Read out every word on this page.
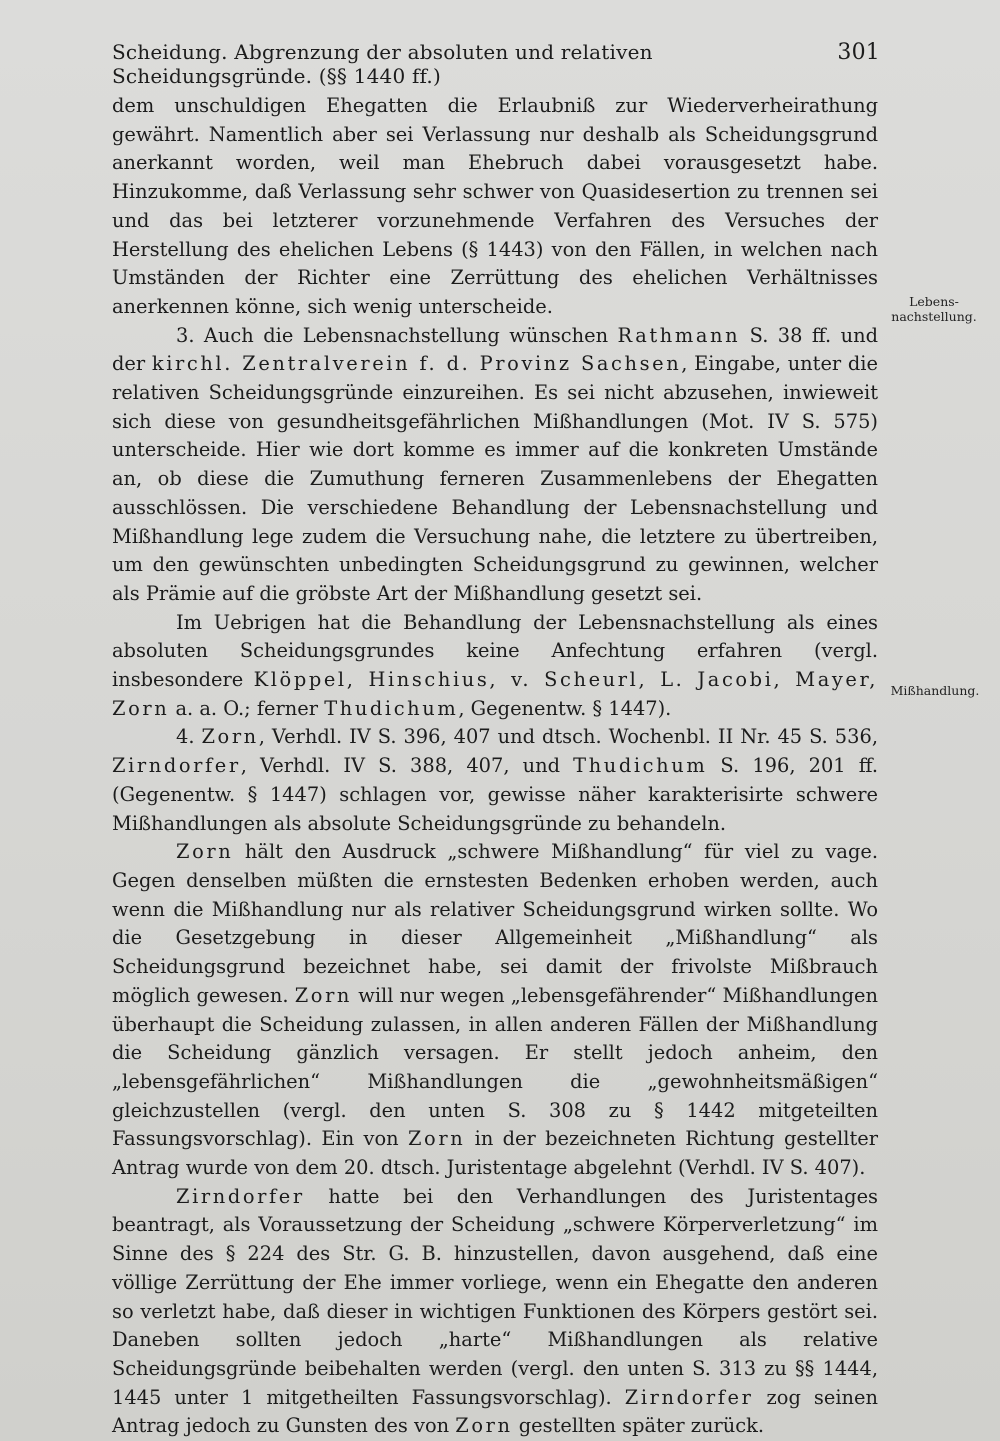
Scheidung. Abgrenzung der absoluten und relativen Scheidungsgründe. (§§ 1440 ff.)
301
Lebens-
nachstellung.
Mißhandlung.

dem unschuldigen Ehegatten die Erlaubniß zur Wiederverheirathung gewährt. Namentlich aber sei Verlassung nur deshalb als Scheidungsgrund anerkannt worden, weil man Ehebruch dabei vorausgesetzt habe. Hinzukomme, daß Verlassung sehr schwer von Quasidesertion zu trennen sei und das bei letzterer vorzunehmende Verfahren des Versuches der Herstellung des ehelichen Lebens (§ 1443) von den Fällen, in welchen nach Umständen der Richter eine Zerrüttung des ehelichen Verhältnisses anerkennen könne, sich wenig unterscheide.

3. Auch die Lebensnachstellung wünschen Rathmann S. 38 ff. und der kirchl. Zentralverein f. d. Provinz Sachsen, Eingabe, unter die relativen Scheidungsgründe einzureihen. Es sei nicht abzusehen, inwieweit sich diese von gesundheitsgefährlichen Mißhandlungen (Mot. IV S. 575) unterscheide. Hier wie dort komme es immer auf die konkreten Umstände an, ob diese die Zumuthung ferneren Zusammenlebens der Ehegatten ausschlössen. Die verschiedene Behandlung der Lebensnachstellung und Mißhandlung lege zudem die Versuchung nahe, die letztere zu übertreiben, um den gewünschten unbedingten Scheidungsgrund zu gewinnen, welcher als Prämie auf die gröbste Art der Mißhandlung gesetzt sei.

Im Uebrigen hat die Behandlung der Lebensnachstellung als eines absoluten Scheidungsgrundes keine Anfechtung erfahren (vergl. insbesondere Klöppel, Hinschius, v. Scheurl, L. Jacobi, Mayer, Zorn a. a. O.; ferner Thudichum, Gegenentw. § 1447).

4. Zorn, Verhdl. IV S. 396, 407 und dtsch. Wochenbl. II Nr. 45 S. 536, Zirndorfer, Verhdl. IV S. 388, 407, und Thudichum S. 196, 201 ff. (Gegenentw. § 1447) schlagen vor, gewisse näher karakterisirte schwere Mißhandlungen als absolute Scheidungsgründe zu behandeln.

Zorn hält den Ausdruck „schwere Mißhandlung“ für viel zu vage. Gegen denselben müßten die ernstesten Bedenken erhoben werden, auch wenn die Mißhandlung nur als relativer Scheidungsgrund wirken sollte. Wo die Gesetzgebung in dieser Allgemeinheit „Mißhandlung“ als Scheidungsgrund bezeichnet habe, sei damit der frivolste Mißbrauch möglich gewesen. Zorn will nur wegen „lebensgefährender“ Mißhandlungen überhaupt die Scheidung zulassen, in allen anderen Fällen der Mißhandlung die Scheidung gänzlich versagen. Er stellt jedoch anheim, den „lebensgefährlichen“ Mißhandlungen die „gewohnheitsmäßigen“ gleichzustellen (vergl. den unten S. 308 zu § 1442 mitgeteilten Fassungsvorschlag). Ein von Zorn in der bezeichneten Richtung gestellter Antrag wurde von dem 20. dtsch. Juristentage abgelehnt (Verhdl. IV S. 407).

Zirndorfer hatte bei den Verhandlungen des Juristentages beantragt, als Voraussetzung der Scheidung „schwere Körperverletzung“ im Sinne des § 224 des Str. G. B. hinzustellen, davon ausgehend, daß eine völlige Zerrüttung der Ehe immer vorliege, wenn ein Ehegatte den anderen so verletzt habe, daß dieser in wichtigen Funktionen des Körpers gestört sei. Daneben sollten jedoch „harte“ Mißhandlungen als relative Scheidungsgründe beibehalten werden (vergl. den unten S. 313 zu §§ 1444, 1445 unter 1 mitgetheilten Fassungsvorschlag). Zirndorfer zog seinen Antrag jedoch zu Gunsten des von Zorn gestellten später zurück.
